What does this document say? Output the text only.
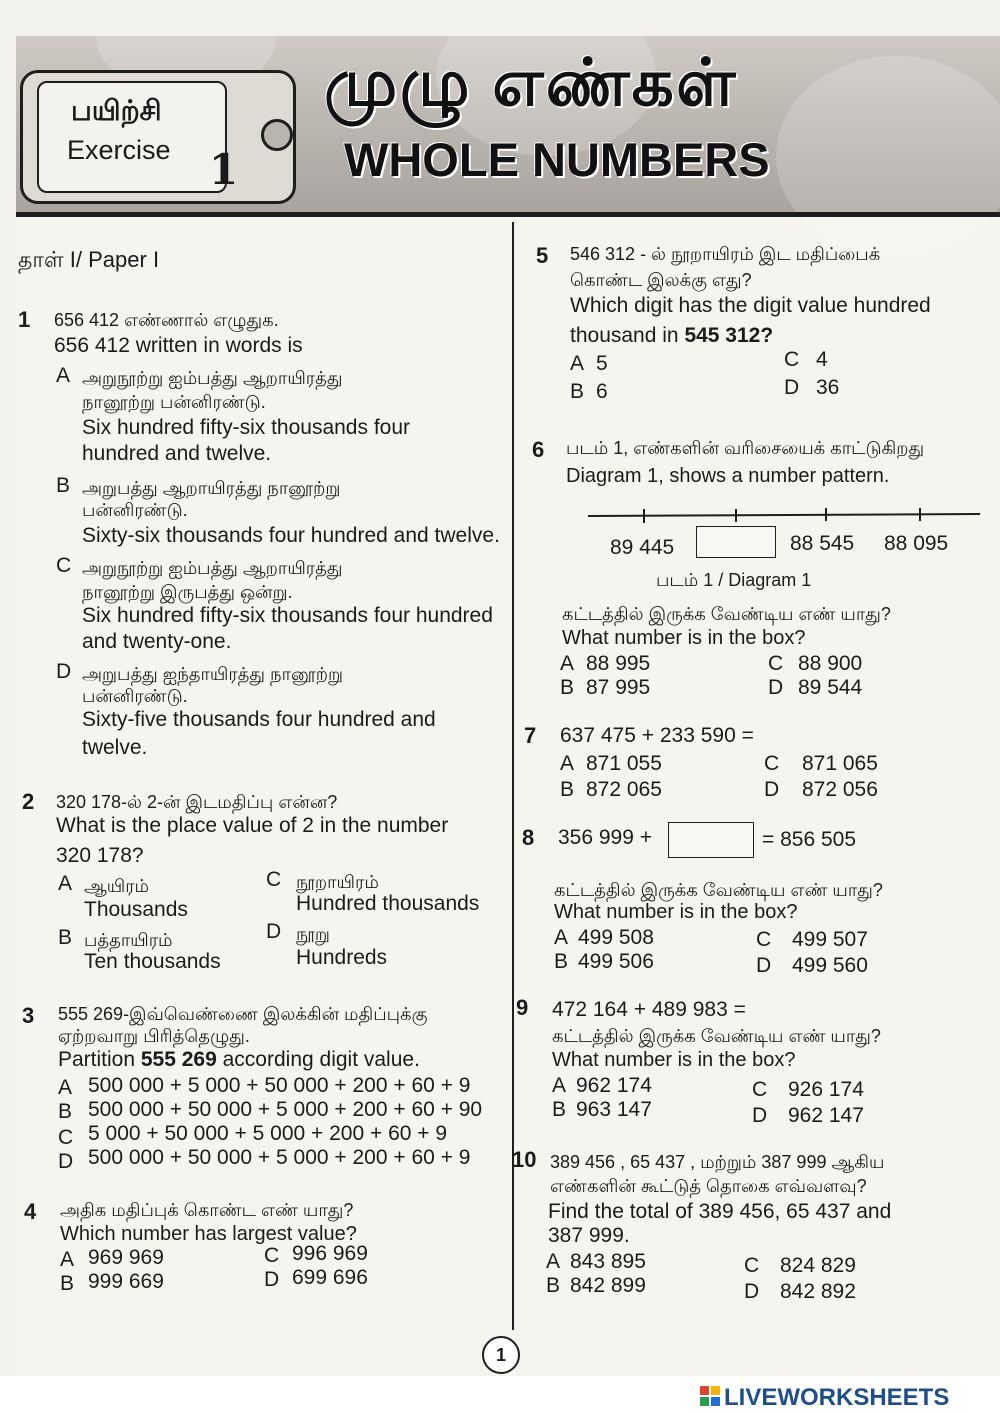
பயிற்சி
Exercise 1
முழு எண்கள்
WHOLE NUMBERS
தாள் I/ Paper I
1 656 412 எண்ணால் எழுதுக.
656 412 written in words is
A அறுநூற்று ஐம்பத்து ஆறாயிரத்து
நானூற்று பன்னிரண்டு.
Six hundred fifty-six thousands four
hundred and twelve.
B அறுபத்து ஆறாயிரத்து நானூற்று
பன்னிரண்டு.
Sixty-six thousands four hundred and twelve.
C அறுநூற்று ஐம்பத்து ஆறாயிரத்து
நானூற்று இருபத்து ஒன்று.
Six hundred fifty-six thousands four hundred
and twenty-one.
D அறுபத்து ஐந்தாயிரத்து நானூற்று
பன்னிரண்டு.
Sixty-five thousands four hundred and
twelve.
2 320 178-ல் 2-ன் இடமதிப்பு என்ன?
What is the place value of 2 in the number
320 178?
A ஆயிரம்
Thousands
B பத்தாயிரம்
Ten thousands
C நூறாயிரம்
Hundred thousands
D நூறு
Hundreds
3 555 269-இவ்வெண்ணை இலக்கின் மதிப்புக்கு
ஏற்றவாறு பிரித்தெழுது.
Partition 555 269 according digit value.
A 500 000 + 5 000 + 50 000 + 200 + 60 + 9
B 500 000 + 50 000 + 5 000 + 200 + 60 + 90
C 5 000 + 50 000 + 5 000 + 200 + 60 + 9
D 500 000 + 50 000 + 5 000 + 200 + 60 + 9
4 அதிக மதிப்புக் கொண்ட எண் யாது?
Which number has largest value?
A 969 969
B 999 669
C 996 969
D 699 696
5 546 312 - ல் நூறாயிரம் இட மதிப்பைக்
கொண்ட இலக்கு எது?
Which digit has the digit value hundred
thousand in 545 312?
A 5
B 6
C 4
D 36
6 படம் 1, எண்களின் வரிசையைக் காட்டுகிறது
Diagram 1, shows a number pattern.
89 445	88 545 88 095
படம் 1 / Diagram 1
கட்டத்தில் இருக்க வேண்டிய எண் யாது?
What number is in the box?
A 88 995
B 87 995
C 88 900
D 89 544
7 637 475 + 233 590 =
A 871 055
B 872 065
C 871 065
D 872 056
8 356 999 +	= 856 505
கட்டத்தில் இருக்க வேண்டிய எண் யாது?
What number is in the box?
A 499 508
B 499 506
C 499 507
D 499 560
9 472 164 + 489 983 =
கட்டத்தில் இருக்க வேண்டிய எண் யாது?
What number is in the box?
A 962 174
B 963 147
C 926 174
D 962 147
10 389 456 , 65 437 , மற்றும் 387 999 ஆகிய
எண்களின் கூட்டுத் தொகை எவ்வளவு?
Find the total of 389 456, 65 437 and
387 999.
A 843 895
B 842 899
C 824 829
D 842 892
1
LIVEWORKSHEETS
